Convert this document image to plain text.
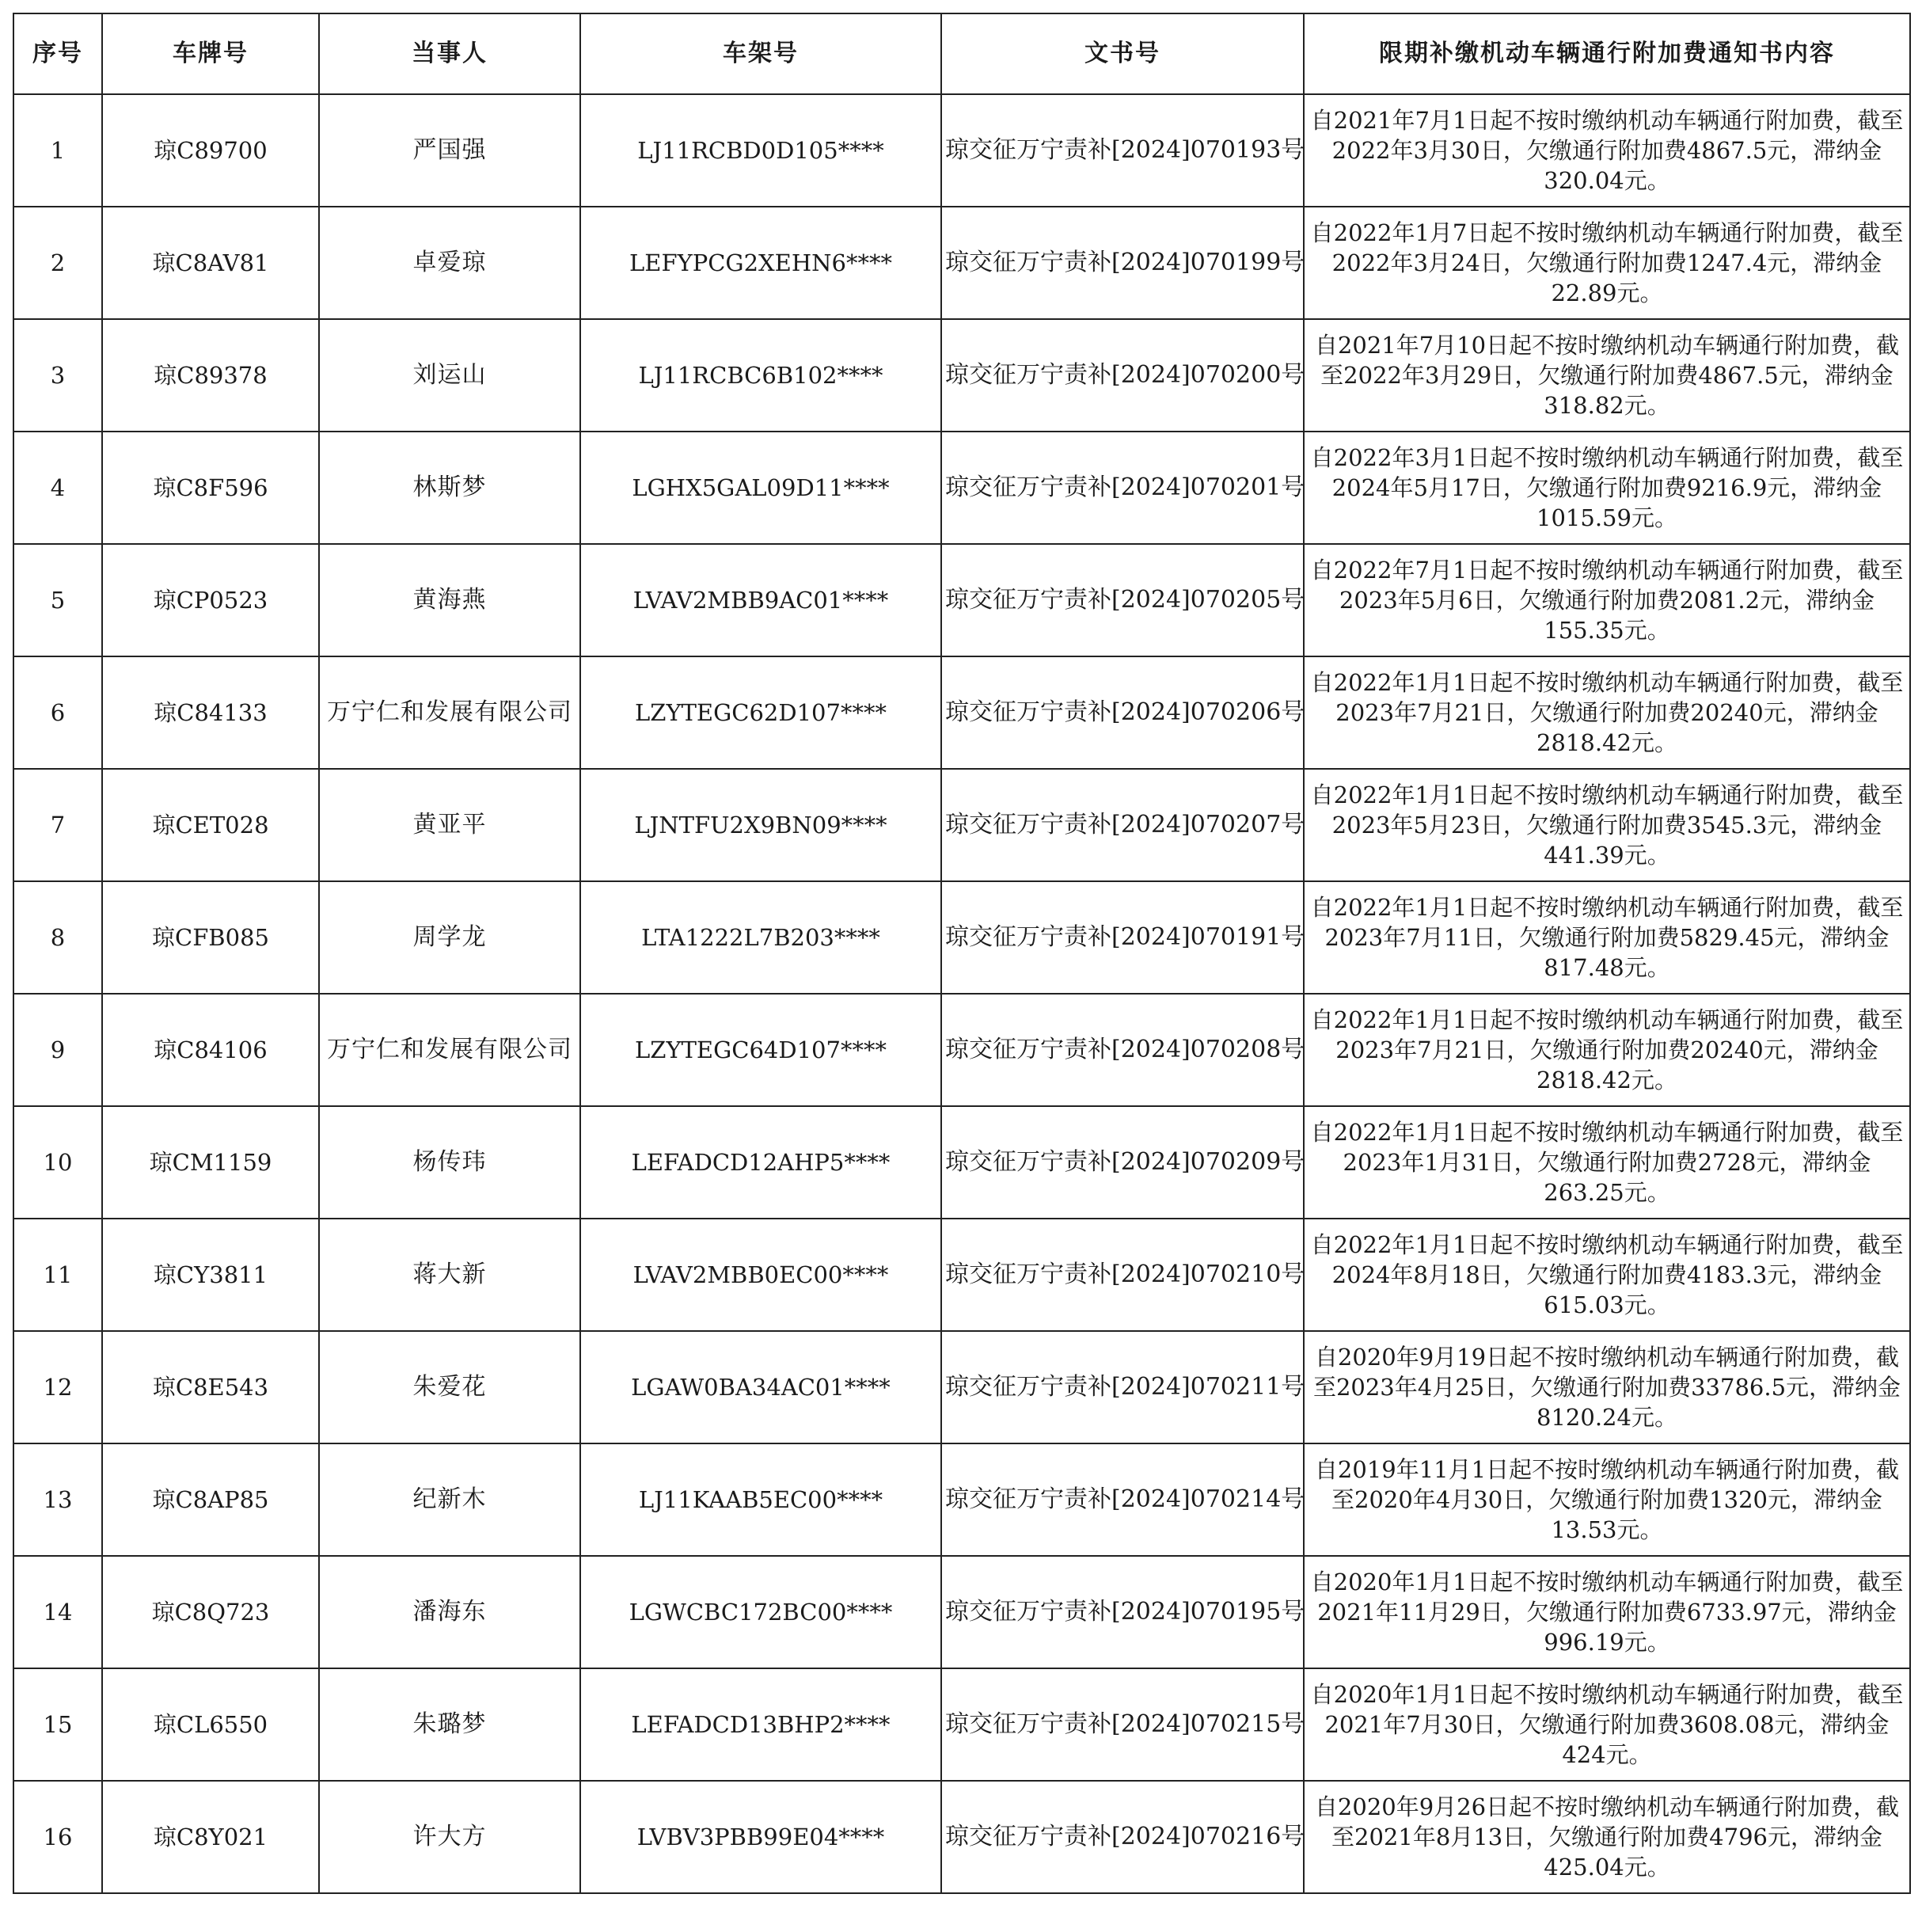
序号	车牌号	当事人	车架号	文书号	限期补缴机动车辆通行附加费通知书内容
1	琼C89700	严国强	LJ11RCBD0D105****	琼交征万宁责补[2024]070193号	自2021年7月1日起不按时缴纳机动车辆通行附加费，截至2022年3月30日，欠缴通行附加费4867.5元，滞纳金320.04元。
2	琼C8AV81	卓爱琼	LEFYPCG2XEHN6****	琼交征万宁责补[2024]070199号	自2022年1月7日起不按时缴纳机动车辆通行附加费，截至2022年3月24日，欠缴通行附加费1247.4元，滞纳金22.89元。
3	琼C89378	刘运山	LJ11RCBC6B102****	琼交征万宁责补[2024]070200号	自2021年7月10日起不按时缴纳机动车辆通行附加费，截至2022年3月29日，欠缴通行附加费4867.5元，滞纳金318.82元。
4	琼C8F596	林斯梦	LGHX5GAL09D11****	琼交征万宁责补[2024]070201号	自2022年3月1日起不按时缴纳机动车辆通行附加费，截至2024年5月17日，欠缴通行附加费9216.9元，滞纳金1015.59元。
5	琼CP0523	黄海燕	LVAV2MBB9AC01****	琼交征万宁责补[2024]070205号	自2022年7月1日起不按时缴纳机动车辆通行附加费，截至2023年5月6日，欠缴通行附加费2081.2元，滞纳金155.35元。
6	琼C84133	万宁仁和发展有限公司	LZYTEGC62D107****	琼交征万宁责补[2024]070206号	自2022年1月1日起不按时缴纳机动车辆通行附加费，截至2023年7月21日，欠缴通行附加费20240元，滞纳金2818.42元。
7	琼CET028	黄亚平	LJNTFU2X9BN09****	琼交征万宁责补[2024]070207号	自2022年1月1日起不按时缴纳机动车辆通行附加费，截至2023年5月23日，欠缴通行附加费3545.3元，滞纳金441.39元。
8	琼CFB085	周学龙	LTA1222L7B203****	琼交征万宁责补[2024]070191号	自2022年1月1日起不按时缴纳机动车辆通行附加费，截至2023年7月11日，欠缴通行附加费5829.45元，滞纳金817.48元。
9	琼C84106	万宁仁和发展有限公司	LZYTEGC64D107****	琼交征万宁责补[2024]070208号	自2022年1月1日起不按时缴纳机动车辆通行附加费，截至2023年7月21日，欠缴通行附加费20240元，滞纳金2818.42元。
10	琼CM1159	杨传玮	LEFADCD12AHP5****	琼交征万宁责补[2024]070209号	自2022年1月1日起不按时缴纳机动车辆通行附加费，截至2023年1月31日，欠缴通行附加费2728元，滞纳金263.25元。
11	琼CY3811	蒋大新	LVAV2MBB0EC00****	琼交征万宁责补[2024]070210号	自2022年1月1日起不按时缴纳机动车辆通行附加费，截至2024年8月18日，欠缴通行附加费4183.3元，滞纳金615.03元。
12	琼C8E543	朱爱花	LGAW0BA34AC01****	琼交征万宁责补[2024]070211号	自2020年9月19日起不按时缴纳机动车辆通行附加费，截至2023年4月25日，欠缴通行附加费33786.5元，滞纳金8120.24元。
13	琼C8AP85	纪新木	LJ11KAAB5EC00****	琼交征万宁责补[2024]070214号	自2019年11月1日起不按时缴纳机动车辆通行附加费，截至2020年4月30日，欠缴通行附加费1320元，滞纳金13.53元。
14	琼C8Q723	潘海东	LGWCBC172BC00****	琼交征万宁责补[2024]070195号	自2020年1月1日起不按时缴纳机动车辆通行附加费，截至2021年11月29日，欠缴通行附加费6733.97元，滞纳金996.19元。
15	琼CL6550	朱璐梦	LEFADCD13BHP2****	琼交征万宁责补[2024]070215号	自2020年1月1日起不按时缴纳机动车辆通行附加费，截至2021年7月30日，欠缴通行附加费3608.08元，滞纳金424元。
16	琼C8Y021	许大方	LVBV3PBB99E04****	琼交征万宁责补[2024]070216号	自2020年9月26日起不按时缴纳机动车辆通行附加费，截至2021年8月13日，欠缴通行附加费4796元，滞纳金425.04元。
